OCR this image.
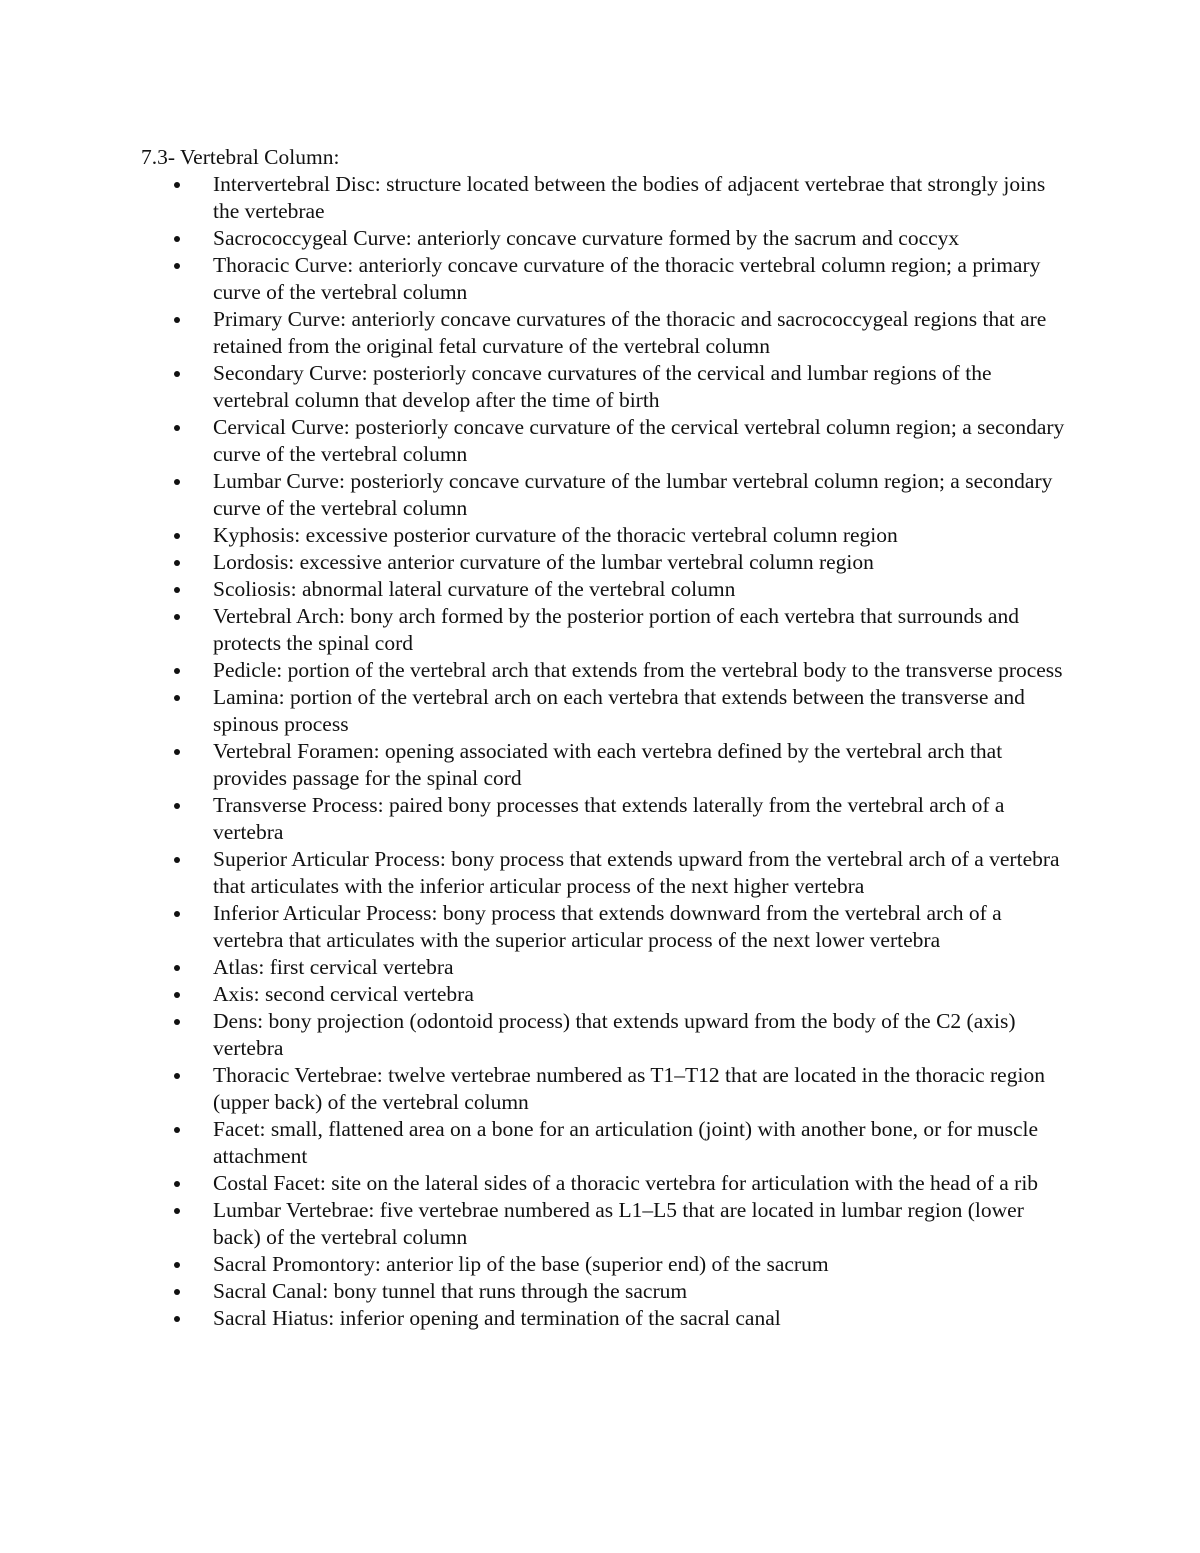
7.3- Vertebral Column:

Intervertebral Disc: structure located between the bodies of adjacent vertebrae that strongly joins the vertebrae
Sacrococcygeal Curve: anteriorly concave curvature formed by the sacrum and coccyx
Thoracic Curve: anteriorly concave curvature of the thoracic vertebral column region; a primary curve of the vertebral column
Primary Curve: anteriorly concave curvatures of the thoracic and sacrococcygeal regions that are retained from the original fetal curvature of the vertebral column
Secondary Curve: posteriorly concave curvatures of the cervical and lumbar regions of the vertebral column that develop after the time of birth
Cervical Curve: posteriorly concave curvature of the cervical vertebral column region; a secondary curve of the vertebral column
Lumbar Curve: posteriorly concave curvature of the lumbar vertebral column region; a secondary curve of the vertebral column
Kyphosis: excessive posterior curvature of the thoracic vertebral column region
Lordosis: excessive anterior curvature of the lumbar vertebral column region
Scoliosis: abnormal lateral curvature of the vertebral column
Vertebral Arch: bony arch formed by the posterior portion of each vertebra that surrounds and protects the spinal cord
Pedicle: portion of the vertebral arch that extends from the vertebral body to the transverse process
Lamina: portion of the vertebral arch on each vertebra that extends between the transverse and spinous process
Vertebral Foramen: opening associated with each vertebra defined by the vertebral arch that provides passage for the spinal cord
Transverse Process: paired bony processes that extends laterally from the vertebral arch of a vertebra
Superior Articular Process: bony process that extends upward from the vertebral arch of a vertebra that articulates with the inferior articular process of the next higher vertebra
Inferior Articular Process: bony process that extends downward from the vertebral arch of a vertebra that articulates with the superior articular process of the next lower vertebra
Atlas: first cervical vertebra
Axis: second cervical vertebra
Dens: bony projection (odontoid process) that extends upward from the body of the C2 (axis) vertebra
Thoracic Vertebrae: twelve vertebrae numbered as T1–T12 that are located in the thoracic region (upper back) of the vertebral column
Facet: small, flattened area on a bone for an articulation (joint) with another bone, or for muscle attachment
Costal Facet: site on the lateral sides of a thoracic vertebra for articulation with the head of a rib
Lumbar Vertebrae: five vertebrae numbered as L1–L5 that are located in lumbar region (lower back) of the vertebral column
Sacral Promontory: anterior lip of the base (superior end) of the sacrum
Sacral Canal: bony tunnel that runs through the sacrum
Sacral Hiatus: inferior opening and termination of the sacral canal
